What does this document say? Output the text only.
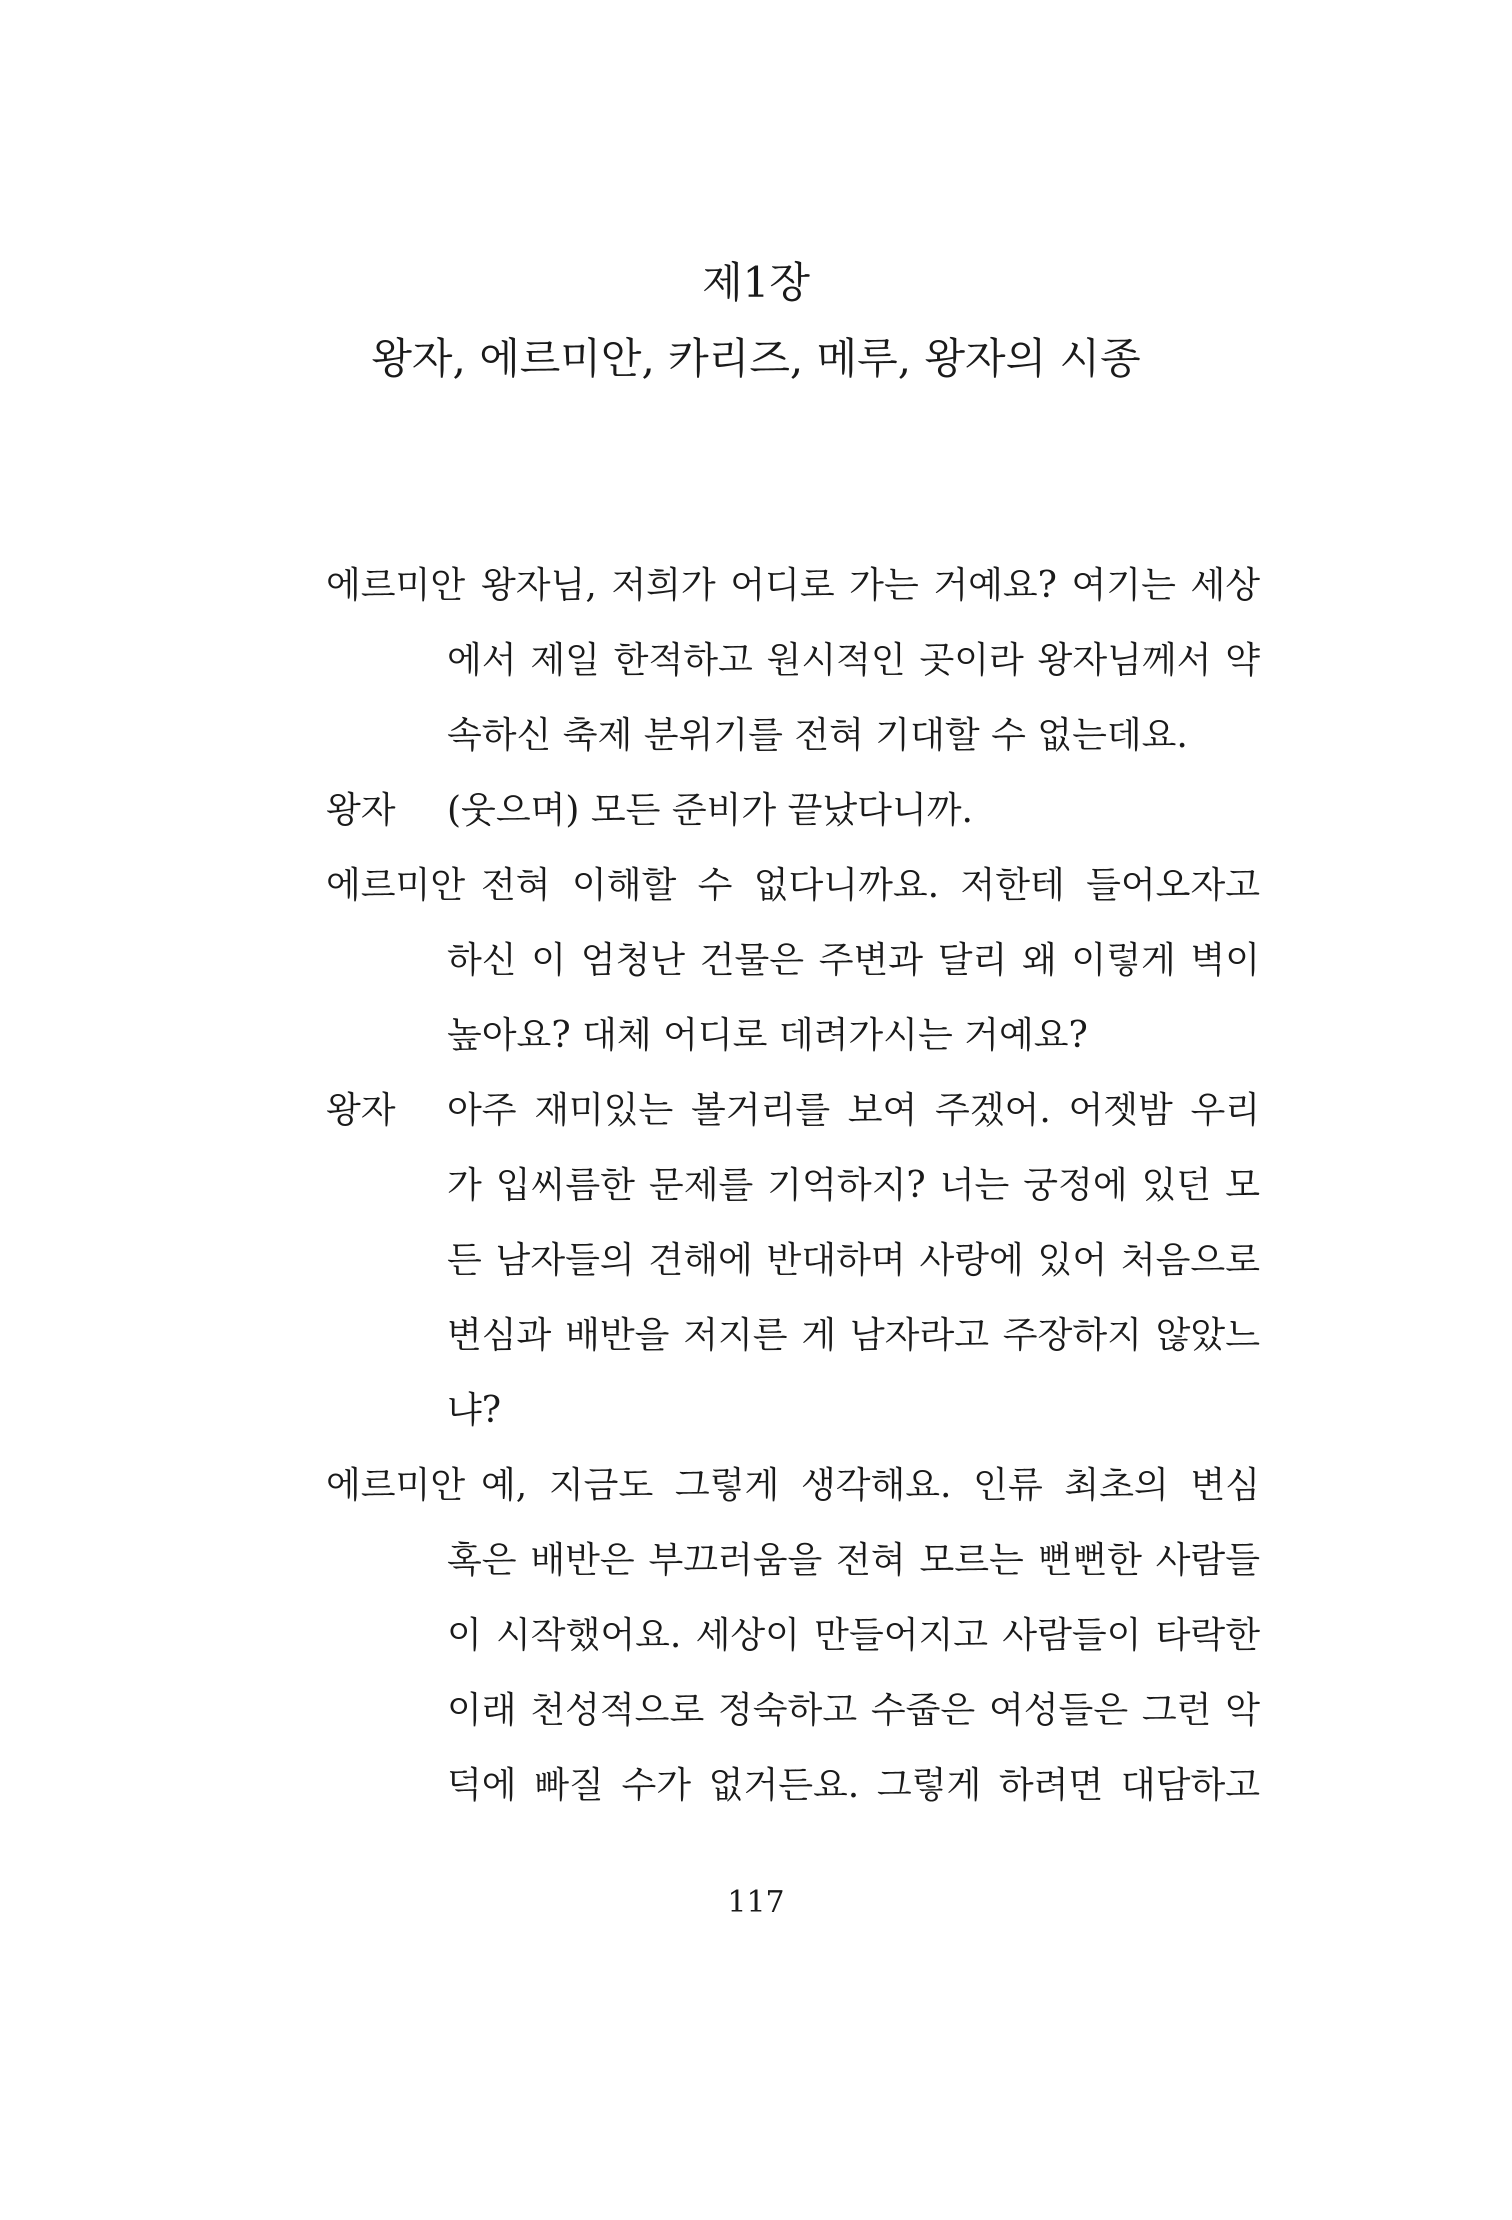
제1장
왕자, 에르미안, 카리즈, 메루, 왕자의 시종
에르미안 왕자님, 저희가 어디로 가는 거예요? 여기는 세상
에서 제일 한적하고 원시적인 곳이라 왕자님께서 약
속하신 축제 분위기를 전혀 기대할 수 없는데요.
왕자	(웃으며) 모든 준비가 끝났다니까.
에르미안 전혀 이해할 수 없다니까요. 저한테 들어오자고
하신 이 엄청난 건물은 주변과 달리 왜 이렇게 벽이
높아요? 대체 어디로 데려가시는 거예요?
왕자	아주 재미있는 볼거리를 보여 주겠어. 어젯밤 우리
가 입씨름한 문제를 기억하지? 너는 궁정에 있던 모
든 남자들의 견해에 반대하며 사랑에 있어 처음으로
변심과 배반을 저지른 게 남자라고 주장하지 않았느
냐?
에르미안 예, 지금도 그렇게 생각해요. 인류 최초의 변심
혹은 배반은 부끄러움을 전혀 모르는 뻔뻔한 사람들
이 시작했어요. 세상이 만들어지고 사람들이 타락한
이래 천성적으로 정숙하고 수줍은 여성들은 그런 악
덕에 빠질 수가 없거든요. 그렇게 하려면 대담하고
117
